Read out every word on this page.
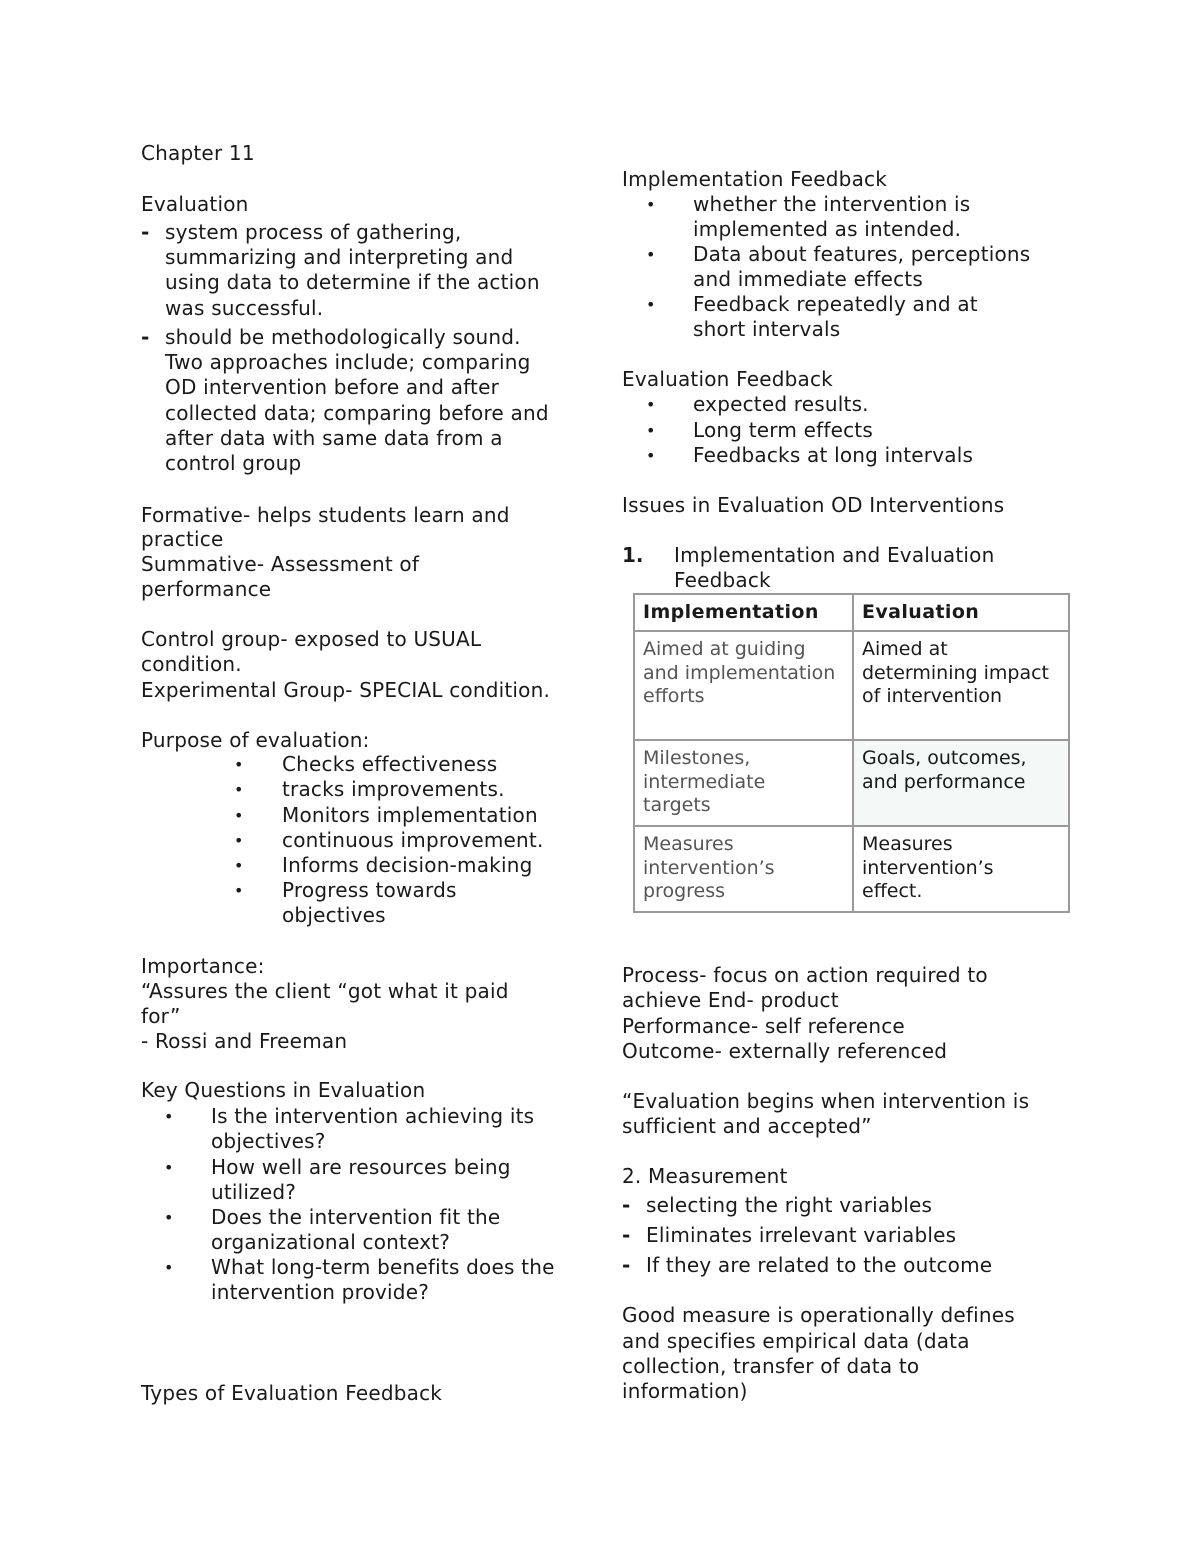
Chapter 11
Evaluation
- system process of gathering,
summarizing and interpreting and
using data to determine if the action
was successful.
- should be methodologically sound.
Two approaches include; comparing
OD intervention before and after
collected data; comparing before and
after data with same data from a
control group
Formative- helps students learn and
practice
Summative- Assessment of
performance
Control group- exposed to USUAL
condition.
Experimental Group- SPECIAL condition.
Purpose of evaluation:
• Checks effectiveness
• tracks improvements.
• Monitors implementation
• continuous improvement.
• Informs decision-making
• Progress towards
objectives
Importance:
“Assures the client “got what it paid
for”
- Rossi and Freeman
Key Questions in Evaluation
• Is the intervention achieving its
objectives?
• How well are resources being
utilized?
• Does the intervention fit the
organizational context?
• What long-term benefits does the
intervention provide?
Types of Evaluation Feedback
Implementation Feedback
• whether the intervention is
implemented as intended.
• Data about features, perceptions
and immediate effects
• Feedback repeatedly and at
short intervals
Evaluation Feedback
• expected results.
• Long term effects
• Feedbacks at long intervals
Issues in Evaluation OD Interventions
1. Implementation and Evaluation
Feedback
Implementation	Evaluation

Aimed at guiding
and implementation
efforts	Aimed at
determining impact
of intervention

Milestones,
intermediate
targets	Goals, outcomes,
and performance

Measures
intervention’s
progress	Measures
intervention’s
effect.
Process- focus on action required to
achieve End- product
Performance- self reference
Outcome- externally referenced
“Evaluation begins when intervention is
sufficient and accepted”
2. Measurement
- selecting the right variables
- Eliminates irrelevant variables
- If they are related to the outcome
Good measure is operationally defines
and specifies empirical data (data
collection, transfer of data to
information)
